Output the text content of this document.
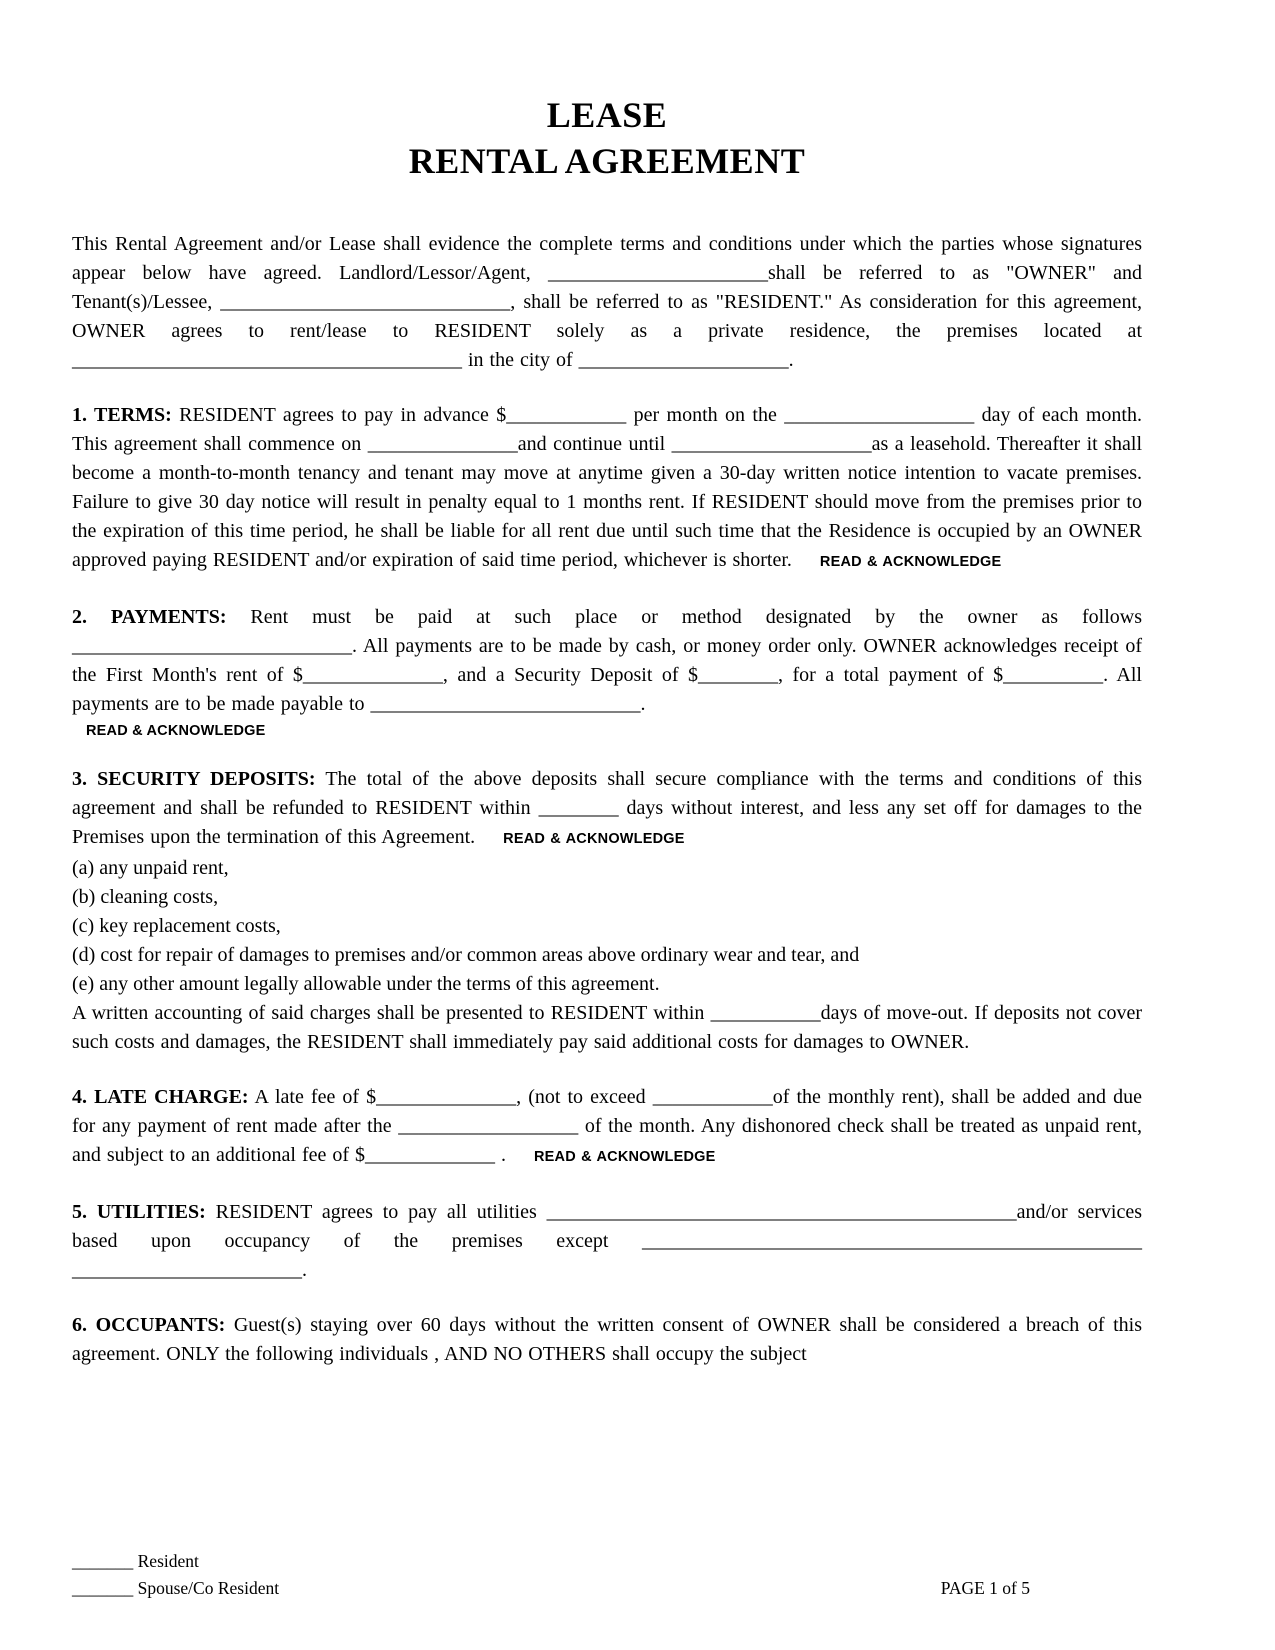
LEASE
RENTAL AGREEMENT

This Rental Agreement and/or Lease shall evidence the complete terms and conditions under which the parties whose signatures appear below have agreed. Landlord/Lessor/Agent, ______________________shall be referred to as "OWNER" and Tenant(s)/Lessee, _____________________________, shall be referred to as "RESIDENT." As consideration for this agreement, OWNER agrees to rent/lease to RESIDENT solely as a private residence, the premises located at _______________________________________ in the city of _____________________.

1. TERMS: RESIDENT agrees to pay in advance $____________ per month on the ___________________ day of each month. This agreement shall commence on _______________and continue until ____________________as a leasehold. Thereafter it shall become a month-to-month tenancy and tenant may move at anytime given a 30-day written notice intention to vacate premises. Failure to give 30 day notice will result in penalty equal to 1 months rent. If RESIDENT should move from the premises prior to the expiration of this time period, he shall be liable for all rent due until such time that the Residence is occupied by an OWNER approved paying RESIDENT and/or expiration of said time period, whichever is shorter. READ & ACKNOWLEDGE

2. PAYMENTS: Rent must be paid at such place or method designated by the owner as follows ____________________________. All payments are to be made by cash, or money order only. OWNER acknowledges receipt of the First Month's rent of $______________, and a Security Deposit of $________, for a total payment of $__________. All payments are to be made payable to ___________________________.

READ & ACKNOWLEDGE

3. SECURITY DEPOSITS: The total of the above deposits shall secure compliance with the terms and conditions of this agreement and shall be refunded to RESIDENT within ________ days without interest, and less any set off for damages to the Premises upon the termination of this Agreement. READ & ACKNOWLEDGE

(a) any unpaid rent,
(b) cleaning costs,
(c) key replacement costs,
(d) cost for repair of damages to premises and/or common areas above ordinary wear and tear, and
(e) any other amount legally allowable under the terms of this agreement.

A written accounting of said charges shall be presented to RESIDENT within ___________days of move-out. If deposits not cover such costs and damages, the RESIDENT shall immediately pay said additional costs for damages to OWNER.

4. LATE CHARGE: A late fee of $______________, (not to exceed ____________of the monthly rent), shall be added and due for any payment of rent made after the __________________ of the month. Any dishonored check shall be treated as unpaid rent, and subject to an additional fee of $_____________ . READ & ACKNOWLEDGE

5. UTILITIES: RESIDENT agrees to pay all utilities _______________________________________________and/or services based upon occupancy of the premises except __________________________________________________ _______________________.

6. OCCUPANTS: Guest(s) staying over 60 days without the written consent of OWNER shall be considered a breach of this agreement. ONLY the following individuals , AND NO OTHERS shall occupy the subject

_______ Resident
_______ Spouse/Co Resident	PAGE 1 of 5
